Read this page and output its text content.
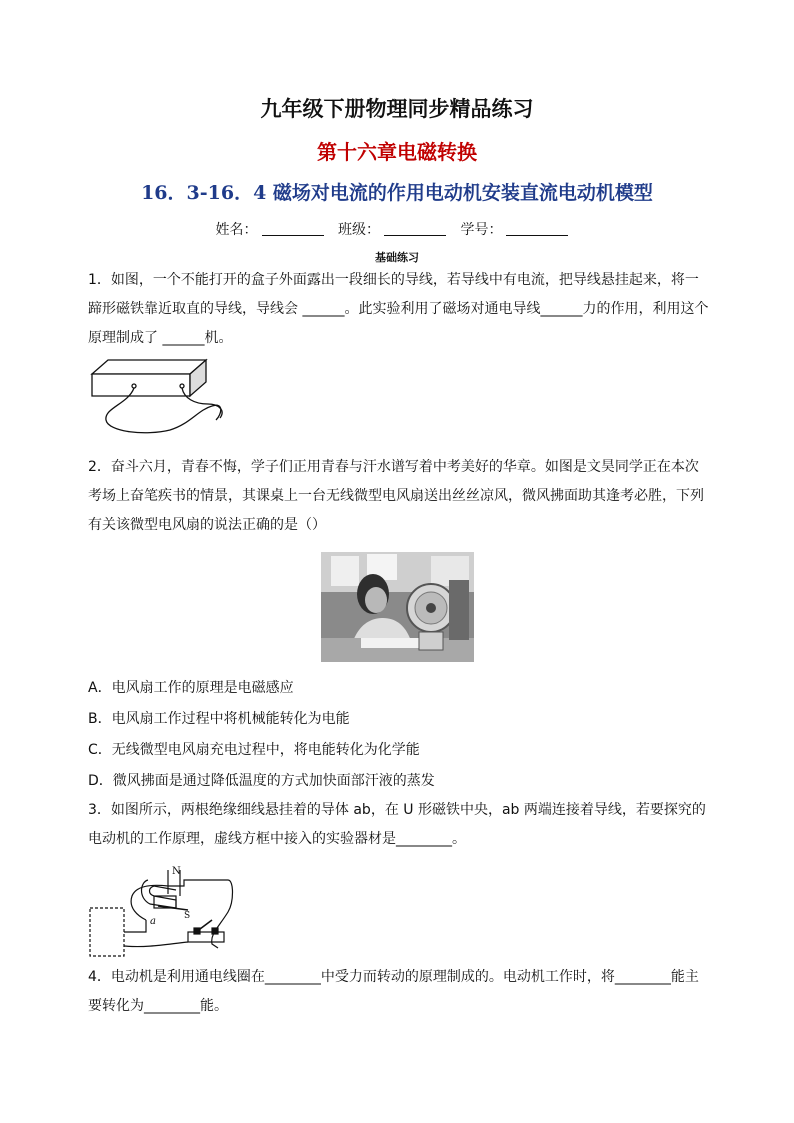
九年级下册物理同步精品练习
第十六章电磁转换
16．3-16．4 磁场对电流的作用电动机安装直流电动机模型
姓名：	班级：	学号：
基础练习
1．如图，一个不能打开的盒子外面露出一段细长的导线，若导线中有电流，把导线悬挂起来，将一蹄形磁铁靠近取直的导线，导线会 ______。此实验利用了磁场对通电导线______力的作用，利用这个原理制成了 ______机。
2．奋斗六月，青春不悔，学子们正用青春与汗水谱写着中考美好的华章。如图是文昊同学正在本次考场上奋笔疾书的情景，其课桌上一台无线微型电风扇送出丝丝凉风，微风拂面助其逢考必胜，下列有关该微型电风扇的说法正确的是（）
A．电风扇工作的原理是电磁感应
B．电风扇工作过程中将机械能转化为电能
C．无线微型电风扇充电过程中，将电能转化为化学能
D．微风拂面是通过降低温度的方式加快面部汗液的蒸发
3．如图所示，两根绝缘细线悬挂着的导体 ab，在 U 形磁铁中央，ab 两端连接着导线，若要探究的电动机的工作原理，虚线方框中接入的实验器材是________。
N
S
a
4．电动机是利用通电线圈在________中受力而转动的原理制成的。电动机工作时，将________能主要转化为________能。
